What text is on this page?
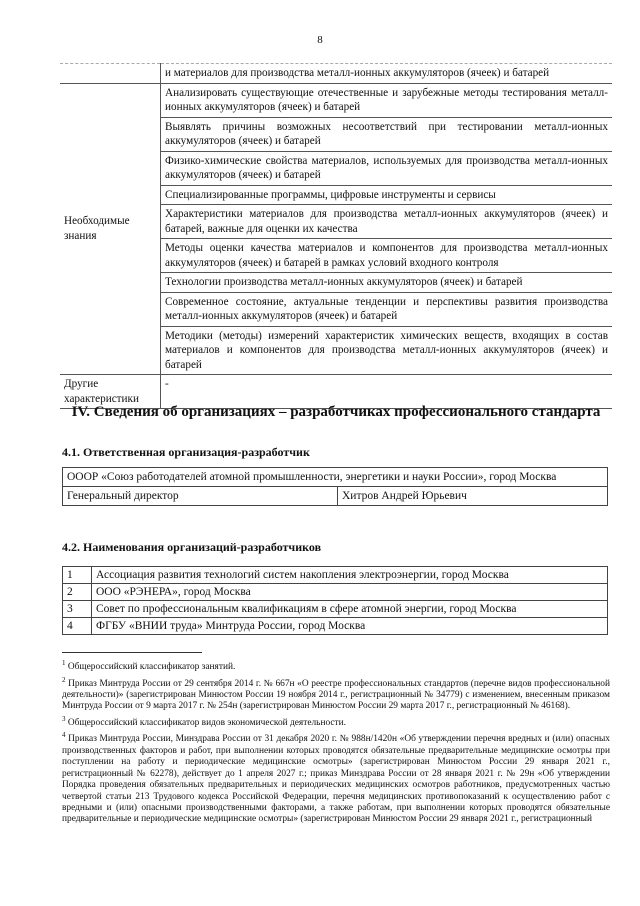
8
	и материалов для производства металл-ионных аккумуляторов (ячеек) и батарей
Необходимые знания	Анализировать существующие отечественные и зарубежные методы тестирования металл-ионных аккумуляторов (ячеек) и батарей
	Выявлять причины возможных несоответствий при тестировании металл-ионных аккумуляторов (ячеек) и батарей
	Физико-химические свойства материалов, используемых для производства металл-ионных аккумуляторов (ячеек) и батарей
	Специализированные программы, цифровые инструменты и сервисы
	Характеристики материалов для производства металл-ионных аккумуляторов (ячеек) и батарей, важные для оценки их качества
	Методы оценки качества материалов и компонентов для производства металл-ионных аккумуляторов (ячеек) и батарей в рамках условий входного контроля
	Технологии производства металл-ионных аккумуляторов (ячеек) и батарей
	Современное состояние, актуальные тенденции и перспективы развития производства металл-ионных аккумуляторов (ячеек) и батарей
	Методики (методы) измерений характеристик химических веществ, входящих в состав материалов и компонентов для производства металл-ионных аккумуляторов (ячеек) и батарей
Другие характеристики	-
IV. Сведения об организациях – разработчиках профессионального стандарта
4.1. Ответственная организация-разработчик
ОООР «Союз работодателей атомной промышленности, энергетики и науки России», город Москва
Генеральный директор	Хитров Андрей Юрьевич
4.2. Наименования организаций-разработчиков
1	Ассоциация развития технологий систем накопления электроэнергии, город Москва
2	ООО «РЭНЕРА», город Москва
3	Совет по профессиональным квалификациям в сфере атомной энергии, город Москва
4	ФГБУ «ВНИИ труда» Минтруда России, город Москва

$^1$ Общероссийский классификатор занятий.

$^2$ Приказ Минтруда России от 29 сентября 2014 г. № 667н «О реестре профессиональных стандартов (перечне видов профессиональной деятельности)» (зарегистрирован Минюстом России 19 ноября 2014 г., регистрационный № 34779) с изменением, внесенным приказом Минтруда России от 9 марта 2017 г. № 254н (зарегистрирован Минюстом России 29 марта 2017 г., регистрационный № 46168).

$^3$ Общероссийский классификатор видов экономической деятельности.

$^4$ Приказ Минтруда России, Минздрава России от 31 декабря 2020 г. № 988н/1420н «Об утверждении перечня вредных и (или) опасных производственных факторов и работ, при выполнении которых проводятся обязательные предварительные медицинские осмотры при поступлении на работу и периодические медицинские осмотры» (зарегистрирован Минюстом России 29 января 2021 г., регистрационный № 62278), действует до 1 апреля 2027 г.; приказ Минздрава России от 28 января 2021 г. № 29н «Об утверждении Порядка проведения обязательных предварительных и периодических медицинских осмотров работников, предусмотренных частью четвертой статьи 213 Трудового кодекса Российской Федерации, перечня медицинских противопоказаний к осуществлению работ с вредными и (или) опасными производственными факторами, а также работам, при выполнении которых проводятся обязательные предварительные и периодические медицинские осмотры» (зарегистрирован Минюстом России 29 января 2021 г., регистрационный
